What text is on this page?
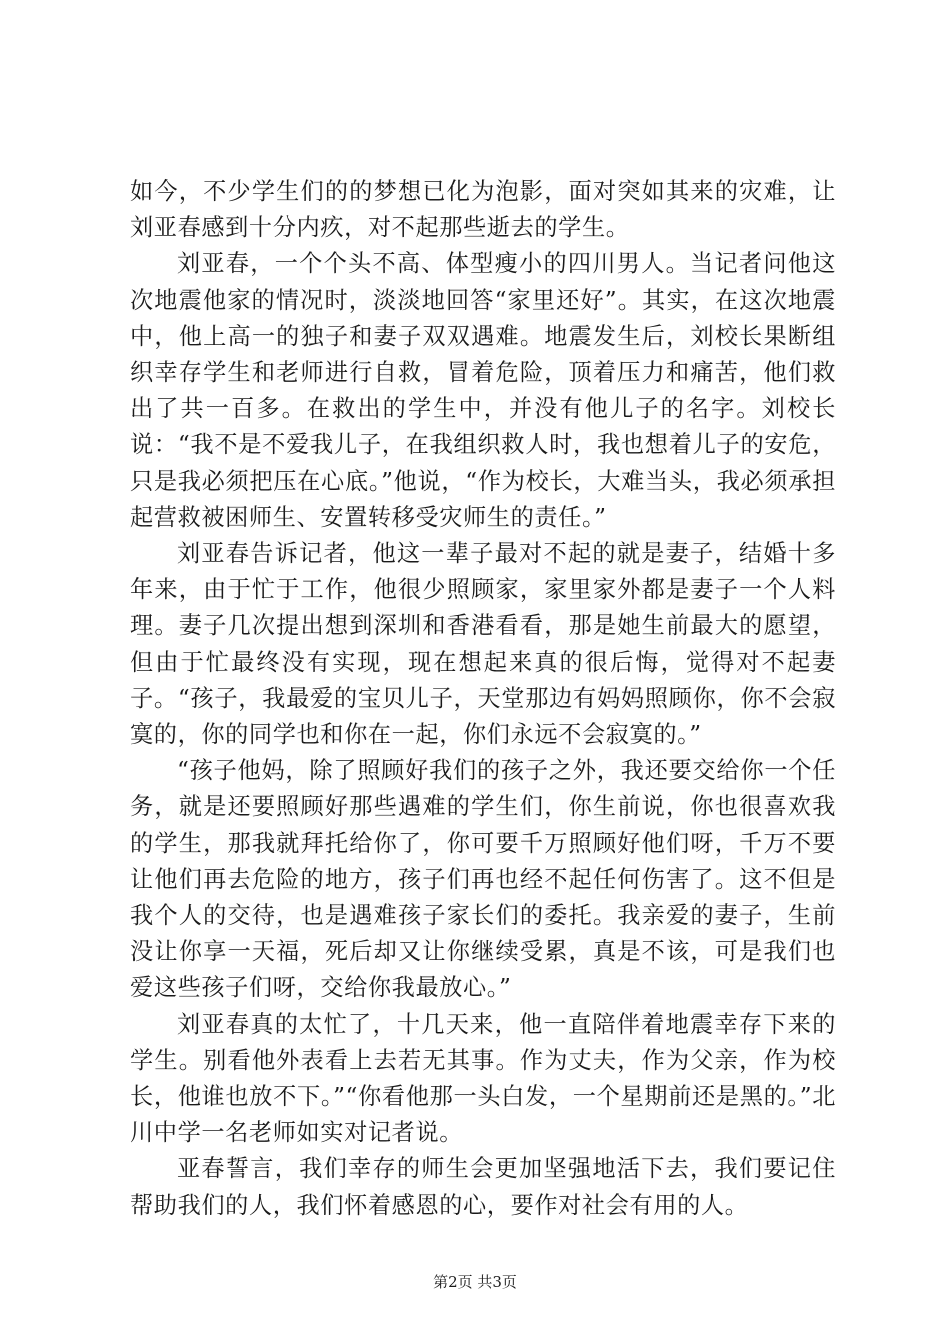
如今，不少学生们的的梦想已化为泡影，面对突如其来的灾难，让刘亚春感到十分内疚，对不起那些逝去的学生。

刘亚春，一个个头不高、体型瘦小的四川男人。当记者问他这次地震他家的情况时，淡淡地回答“家里还好”。其实，在这次地震中，他上高一的独子和妻子双双遇难。地震发生后，刘校长果断组织幸存学生和老师进行自救，冒着危险，顶着压力和痛苦，他们救出了共一百多。在救出的学生中，并没有他儿子的名字。刘校长说：“我不是不爱我儿子，在我组织救人时，我也想着儿子的安危，只是我必须把压在心底。”他说，“作为校长，大难当头，我必须承担起营救被困师生、安置转移受灾师生的责任。”

刘亚春告诉记者，他这一辈子最对不起的就是妻子，结婚十多年来，由于忙于工作，他很少照顾家，家里家外都是妻子一个人料理。妻子几次提出想到深圳和香港看看，那是她生前最大的愿望，但由于忙最终没有实现，现在想起来真的很后悔，觉得对不起妻子。“孩子，我最爱的宝贝儿子，天堂那边有妈妈照顾你，你不会寂寞的，你的同学也和你在一起，你们永远不会寂寞的。”

“孩子他妈，除了照顾好我们的孩子之外，我还要交给你一个任务，就是还要照顾好那些遇难的学生们，你生前说，你也很喜欢我的学生，那我就拜托给你了，你可要千万照顾好他们呀，千万不要让他们再去危险的地方，孩子们再也经不起任何伤害了。这不但是我个人的交待，也是遇难孩子家长们的委托。我亲爱的妻子，生前没让你享一天福，死后却又让你继续受累，真是不该，可是我们也爱这些孩子们呀，交给你我最放心。”

刘亚春真的太忙了，十几天来，他一直陪伴着地震幸存下来的学生。别看他外表看上去若无其事。作为丈夫，作为父亲，作为校长，他谁也放不下。”“你看他那一头白发，一个星期前还是黑的。”北川中学一名老师如实对记者说。

亚春誓言，我们幸存的师生会更加坚强地活下去，我们要记住帮助我们的人，我们怀着感恩的心，要作对社会有用的人。

第2页 共3页
